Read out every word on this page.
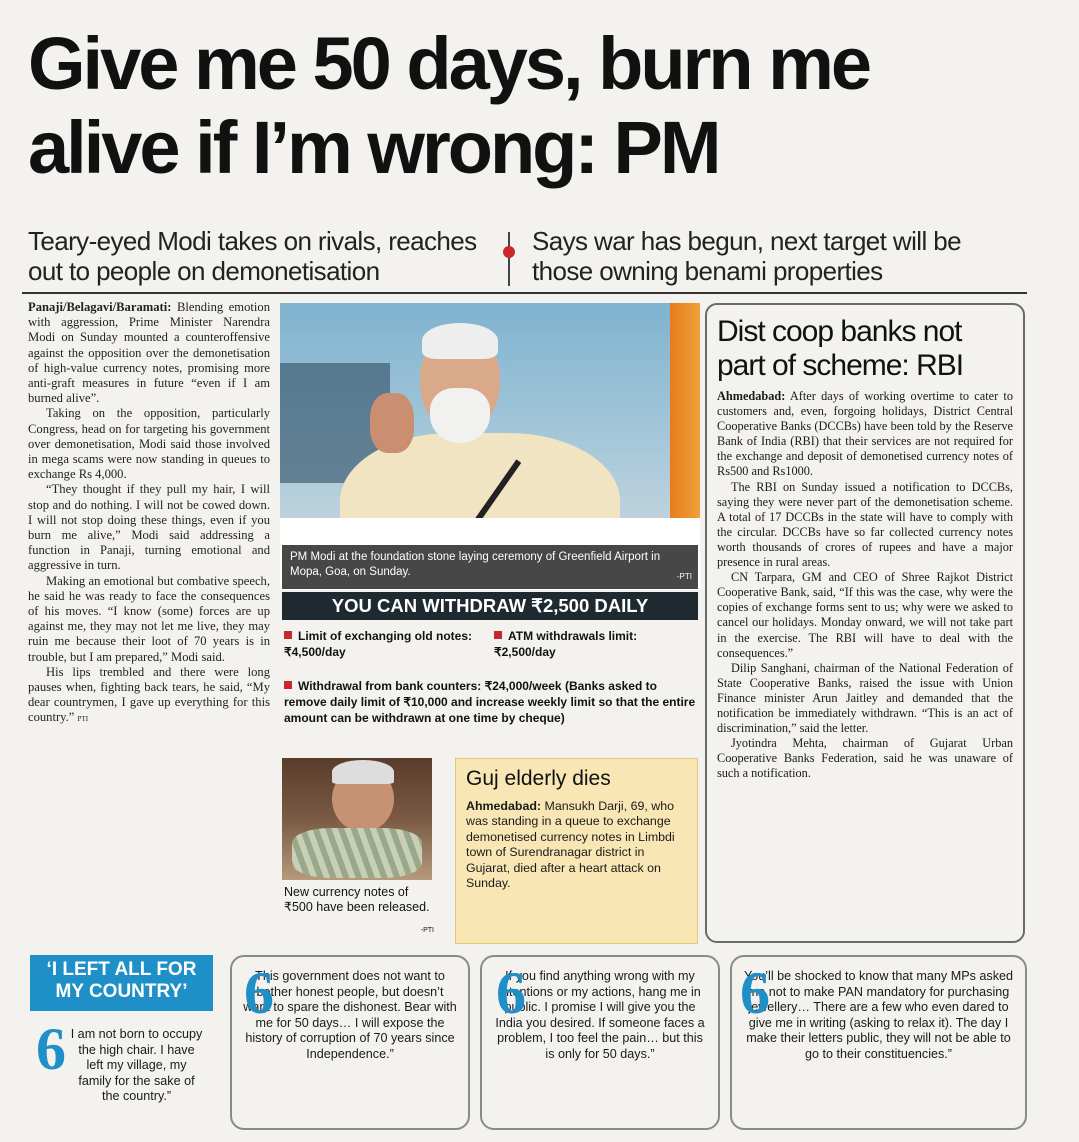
Give me 50 days, burn me
alive if I’m wrong: PM
Teary-eyed Modi takes on rivals, reaches
out to people on demonetisation
Says war has begun, next target will be
those owning benami properties

Panaji/Belagavi/Baramati: Blending emotion with aggression, Prime Minister Narendra Modi on Sunday mounted a counteroffensive against the opposition over the demonetisation of high-value currency notes, promising more anti-graft measures in future “even if I am burned alive”.

Taking on the opposition, particularly Congress, head on for targeting his government over demonetisation, Modi said those involved in mega scams were now standing in queues to exchange Rs 4,000.

“They thought if they pull my hair, I will stop and do nothing. I will not be cowed down. I will not stop doing these things, even if you burn me alive,” Modi said addressing a function in Panaji, turning emotional and aggressive in turn.

Making an emotional but combative speech, he said he was ready to face the consequences of his moves. “I know (some) forces are up against me, they may not let me live, they may ruin me because their loot of 70 years is in trouble, but I am prepared,” Modi said.

His lips trembled and there were long pauses when, fighting back tears, he said, “My dear countrymen, I gave up everything for this country.” PTI

PM Modi at the foundation stone laying ceremony of Greenfield Airport in Mopa, Goa, on Sunday.	-PTI
YOU CAN WITHDRAW ₹2,500 DAILY
Limit of exchanging old notes: ₹4,500/day
ATM withdrawals limit: ₹2,500/day
Withdrawal from bank counters: ₹24,000/week (Banks asked to remove daily limit of ₹10,000 and increase weekly limit so that the entire amount can be withdrawn at one time by cheque)
New currency notes of ₹500 have been released.
-PTI
Guj elderly dies
Ahmedabad: Mansukh Darji, 69, who was standing in a queue to exchange demonetised currency notes in Limbdi town of Surendranagar district in Gujarat, died after a heart attack on Sunday.
Dist coop banks not part of scheme: RBI

Ahmedabad: After days of working overtime to cater to customers and, even, forgoing holidays, District Central Cooperative Banks (DCCBs) have been told by the Reserve Bank of India (RBI) that their services are not required for the exchange and deposit of demonetised currency notes of Rs500 and Rs1000.

The RBI on Sunday issued a notification to DCCBs, saying they were never part of the demonetisation scheme. A total of 17 DCCBs in the state will have to comply with the circular. DCCBs have so far collected currency notes worth thousands of crores of rupees and have a major presence in rural areas.

CN Tarpara, GM and CEO of Shree Rajkot District Cooperative Bank, said, “If this was the case, why were the copies of exchange forms sent to us; why were we asked to cancel our holidays. Monday onward, we will not take part in the exercise. The RBI will have to deal with the consequences.”

Dilip Sanghani, chairman of the National Federation of State Cooperative Banks, raised the issue with Union Finance minister Arun Jaitley and demanded that the notification be immediately withdrawn. “This is an act of discrimination,” said the letter.

Jyotindra Mehta, chairman of Gujarat Urban Cooperative Banks Federation, said he was unaware of such a notification.

‘I LEFT ALL FOR MY COUNTRY’
6 I am not born to occupy the high chair. I have left my village, my family for the sake of the country.”
6
This government does not want to bother honest people, but doesn’t want to spare the dishonest. Bear with me for 50 days… I will expose the history of corruption of 70 years since Independence.”
6
If you find anything wrong with my intentions or my actions, hang me in public. I promise I will give you the India you desired. If someone faces a problem, I too feel the pain… but this is only for 50 days.”
6
You’ll be shocked to know that many MPs asked me not to make PAN mandatory for purchasing jewellery… There are a few who even dared to give me in writing (asking to relax it). The day I make their letters public, they will not be able to go to their constituencies.”
